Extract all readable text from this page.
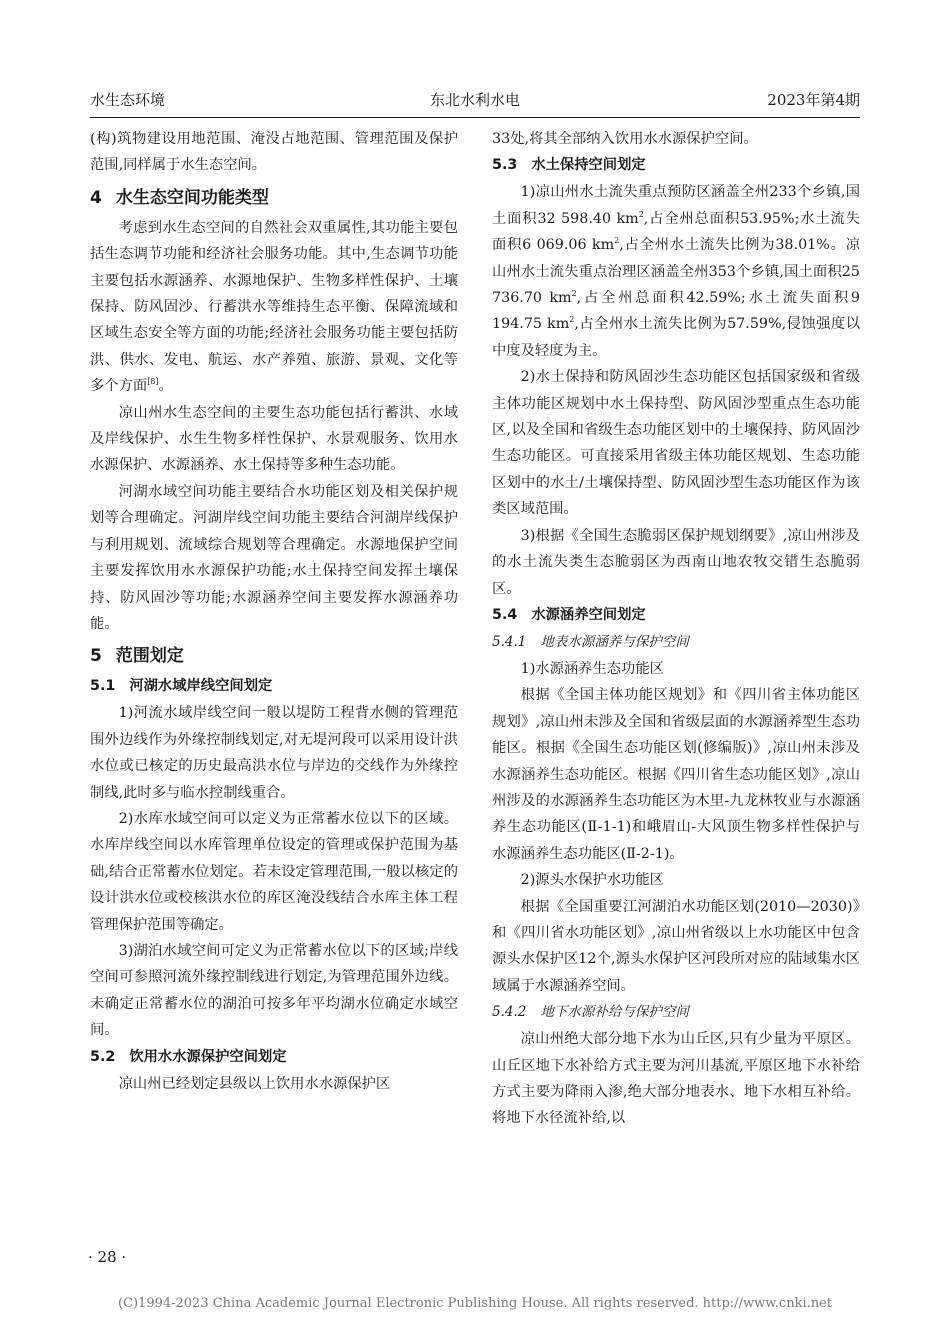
水生态环境	东北水利水电	2023年第4期

(构)筑物建设用地范围、淹没占地范围、管理范围及保护范围,同样属于水生态空间。

4 水生态空间功能类型

考虑到水生态空间的自然社会双重属性,其功能主要包括生态调节功能和经济社会服务功能。其中,生态调节功能主要包括水源涵养、水源地保护、生物多样性保护、土壤保持、防风固沙、行蓄洪水等维持生态平衡、保障流域和区域生态安全等方面的功能;经济社会服务功能主要包括防洪、供水、发电、航运、水产养殖、旅游、景观、文化等多个方面[8]。

凉山州水生态空间的主要生态功能包括行蓄洪、水域及岸线保护、水生生物多样性保护、水景观服务、饮用水水源保护、水源涵养、水土保持等多种生态功能。

河湖水域空间功能主要结合水功能区划及相关保护规划等合理确定。河湖岸线空间功能主要结合河湖岸线保护与利用规划、流域综合规划等合理确定。水源地保护空间主要发挥饮用水水源保护功能;水土保持空间发挥土壤保持、防风固沙等功能;水源涵养空间主要发挥水源涵养功能。

5 范围划定
5.1 河湖水域岸线空间划定

1)河流水域岸线空间一般以堤防工程背水侧的管理范围外边线作为外缘控制线划定,对无堤河段可以采用设计洪水位或已核定的历史最高洪水位与岸边的交线作为外缘控制线,此时多与临水控制线重合。

2)水库水域空间可以定义为正常蓄水位以下的区域。水库岸线空间以水库管理单位设定的管理或保护范围为基础,结合正常蓄水位划定。若未设定管理范围,一般以核定的设计洪水位或校核洪水位的库区淹没线结合水库主体工程管理保护范围等确定。

3)湖泊水域空间可定义为正常蓄水位以下的区域;岸线空间可参照河流外缘控制线进行划定,为管理范围外边线。未确定正常蓄水位的湖泊可按多年平均湖水位确定水域空间。

5.2 饮用水水源保护空间划定

凉山州已经划定县级以上饮用水水源保护区

33处,将其全部纳入饮用水水源保护空间。

5.3 水土保持空间划定

1)凉山州水土流失重点预防区涵盖全州233个乡镇,国土面积32 598.40 $km^2$,占全州总面积53.95%;水土流失面积6 069.06 $km^2$,占全州水土流失比例为38.01%。凉山州水土流失重点治理区涵盖全州353个乡镇,国土面积25 736.70 $km^2$,占全州总面积42.59%;水土流失面积9 194.75 $km^2$,占全州水土流失比例为57.59%,侵蚀强度以中度及轻度为主。

2)水土保持和防风固沙生态功能区包括国家级和省级主体功能区规划中水土保持型、防风固沙型重点生态功能区,以及全国和省级生态功能区划中的土壤保持、防风固沙生态功能区。可直接采用省级主体功能区规划、生态功能区划中的水土/土壤保持型、防风固沙型生态功能区作为该类区域范围。

3)根据《全国生态脆弱区保护规划纲要》,凉山州涉及的水土流失类生态脆弱区为西南山地农牧交错生态脆弱区。

5.4 水源涵养空间划定
5.4.1 地表水源涵养与保护空间

1)水源涵养生态功能区

根据《全国主体功能区规划》和《四川省主体功能区规划》,凉山州未涉及全国和省级层面的水源涵养型生态功能区。根据《全国生态功能区划(修编版)》,凉山州未涉及水源涵养生态功能区。根据《四川省生态功能区划》,凉山州涉及的水源涵养生态功能区为木里-九龙林牧业与水源涵养生态功能区(Ⅱ-1-1)和峨眉山-大风顶生物多样性保护与水源涵养生态功能区(Ⅱ-2-1)。

2)源头水保护水功能区

根据《全国重要江河湖泊水功能区划(2010—2030)》和《四川省水功能区划》,凉山州省级以上水功能区中包含源头水保护区12个,源头水保护区河段所对应的陆域集水区域属于水源涵养空间。

5.4.2 地下水源补给与保护空间

凉山州绝大部分地下水为山丘区,只有少量为平原区。山丘区地下水补给方式主要为河川基流,平原区地下水补给方式主要为降雨入渗,绝大部分地表水、地下水相互补给。将地下水径流补给,以

· 28 ·
(C)1994-2023 China Academic Journal Electronic Publishing House. All rights reserved. http://www.cnki.net
